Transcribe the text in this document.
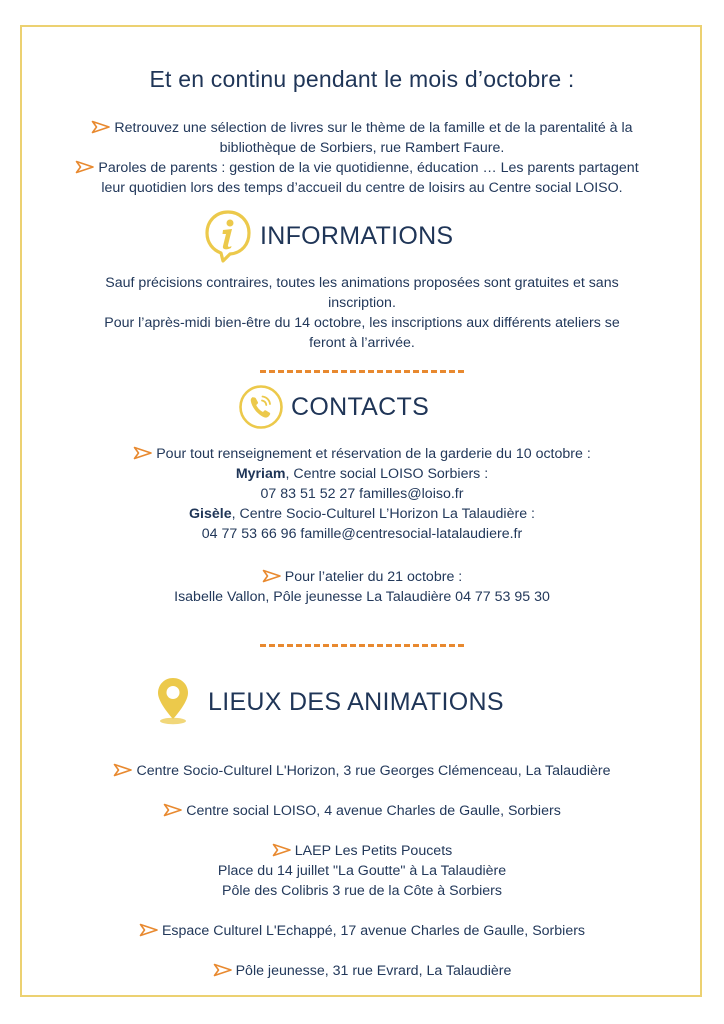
Et en continu pendant le mois d’octobre :
Retrouvez une sélection de livres sur le thème de la famille et de la parentalité à la
bibliothèque de Sorbiers, rue Rambert Faure.
Paroles de parents : gestion de la vie quotidienne, éducation … Les parents partagent
leur quotidien lors des temps d’accueil du centre de loisirs au Centre social LOISO.
INFORMATIONS
Sauf précisions contraires, toutes les animations proposées sont gratuites et sans
inscription.
Pour l’après-midi bien-être du 14 octobre, les inscriptions aux différents ateliers se
feront à l’arrivée.
CONTACTS
Pour tout renseignement et réservation de la garderie du 10 octobre :
Myriam, Centre social LOISO Sorbiers :
07 83 51 52 27 familles@loiso.fr
Gisèle, Centre Socio-Culturel L’Horizon La Talaudière :
04 77 53 66 96 famille@centresocial-latalaudiere.fr
Pour l’atelier du 21 octobre :
Isabelle Vallon, Pôle jeunesse La Talaudière 04 77 53 95 30
LIEUX DES ANIMATIONS
Centre Socio-Culturel L'Horizon, 3 rue Georges Clémenceau, La Talaudière
Centre social LOISO, 4 avenue Charles de Gaulle, Sorbiers
LAEP Les Petits Poucets
Place du 14 juillet "La Goutte" à La Talaudière
Pôle des Colibris 3 rue de la Côte à Sorbiers
Espace Culturel L'Echappé, 17 avenue Charles de Gaulle, Sorbiers
Pôle jeunesse, 31 rue Evrard, La Talaudière
